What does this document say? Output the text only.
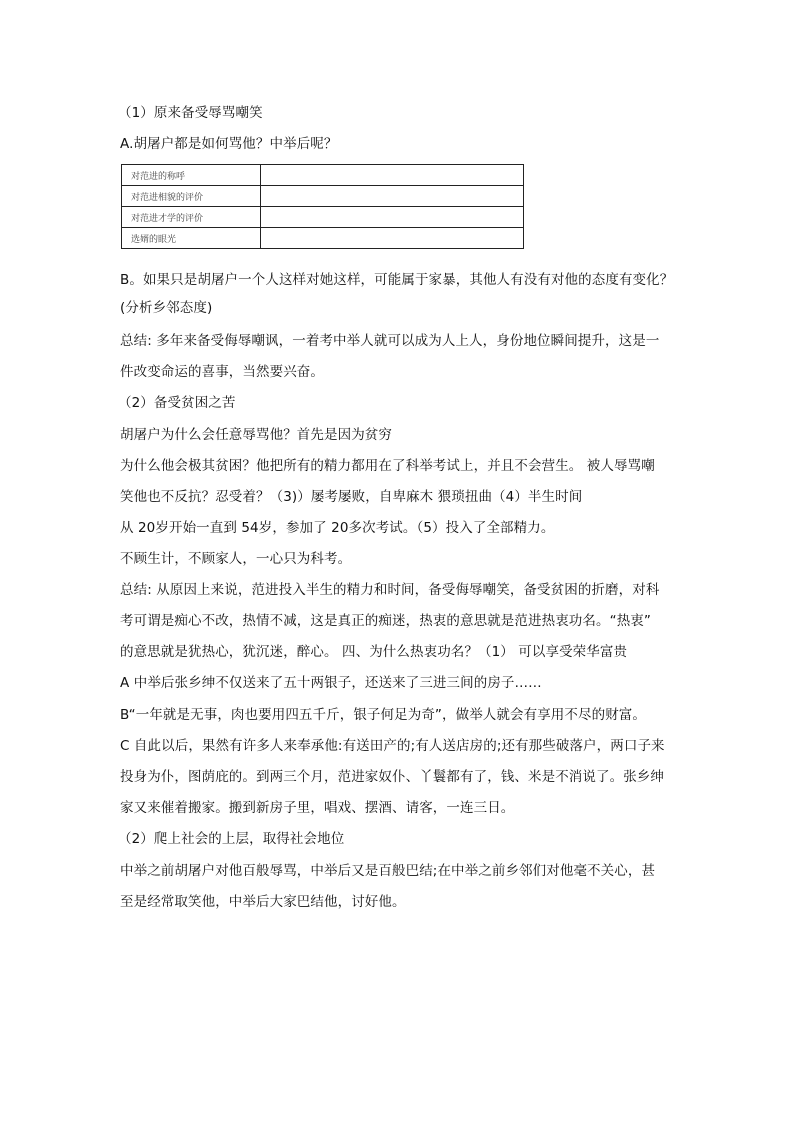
（1）原来备受辱骂嘲笑
A.胡屠户都是如何骂他？中举后呢？
对范进的称呼	
对范进相貌的评价	
对范进才学的评价	
选婿的眼光	
B。如果只是胡屠户一个人这样对她这样，可能属于家暴，其他人有没有对他的态度有变化？
(分析乡邻态度)
总结: 多年来备受侮辱嘲讽，一着考中举人就可以成为人上人，身份地位瞬间提升，这是一
件改变命运的喜事，当然要兴奋。
（2）备受贫困之苦
胡屠户为什么会任意辱骂他？首先是因为贫穷
为什么他会极其贫困？他把所有的精力都用在了科举考试上，并且不会营生。 被人辱骂嘲
笑他也不反抗？忍受着？（3)）屡考屡败，自卑麻木 猥琐扭曲（4）半生时间
从 20岁开始一直到 54岁，参加了 20多次考试。（5）投入了全部精力。
不顾生计，不顾家人，一心只为科考。
总结: 从原因上来说，范进投入半生的精力和时间，备受侮辱嘲笑，备受贫困的折磨，对科
考可谓是痴心不改，热情不减，这是真正的痴迷，热衷的意思就是范进热衷功名。“热衷”
的意思就是犹热心，犹沉迷，醉心。 四、为什么热衷功名？（1） 可以享受荣华富贵
A 中举后张乡绅不仅送来了五十两银子，还送来了三进三间的房子……
B“一年就是无事，肉也要用四五千斤，银子何足为奇”，做举人就会有享用不尽的财富。
C 自此以后，果然有许多人来奉承他:有送田产的;有人送店房的;还有那些破落户，两口子来
投身为仆，图荫庇的。到两三个月，范进家奴仆、丫鬟都有了，钱、米是不消说了。张乡绅
家又来催着搬家。搬到新房子里，唱戏、摆酒、请客，一连三日。
（2）爬上社会的上层，取得社会地位
中举之前胡屠户对他百般辱骂，中举后又是百般巴结;在中举之前乡邻们对他毫不关心，甚
至是经常取笑他，中举后大家巴结他，讨好他。
